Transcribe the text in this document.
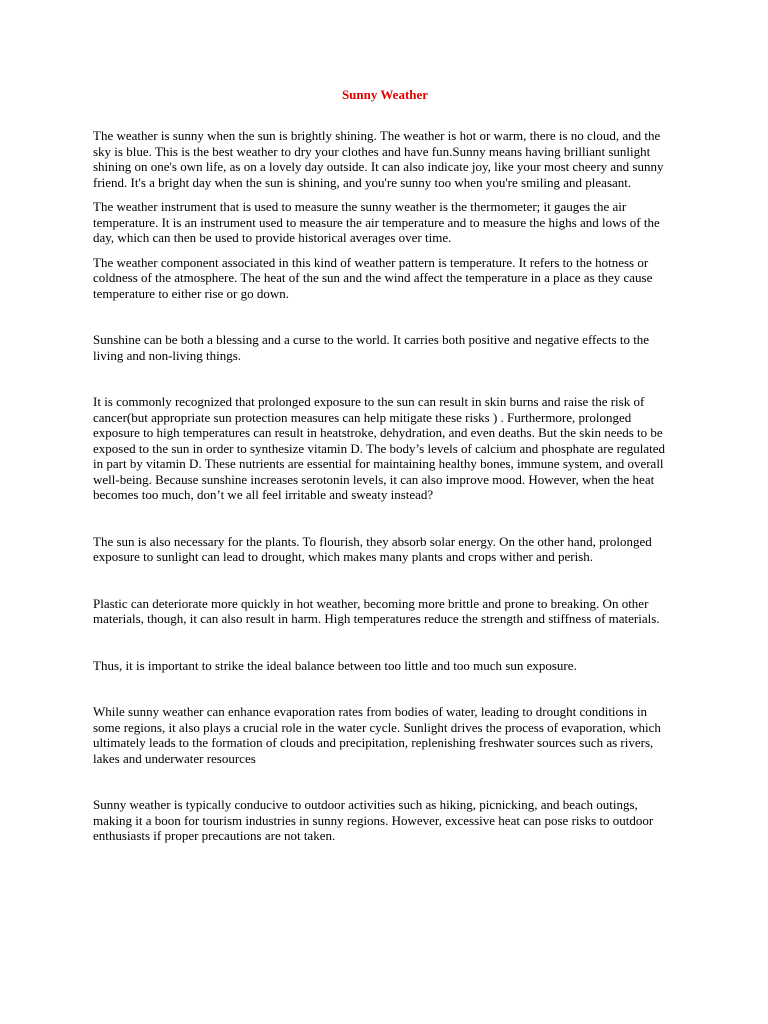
Sunny Weather

The weather is sunny when the sun is brightly shining. The weather is hot or warm, there is no cloud, and the sky is blue. This is the best weather to dry your clothes and have fun.Sunny means having brilliant sunlight shining on one's own life, as on a lovely day outside. It can also indicate joy, like your most cheery and sunny friend. It's a bright day when the sun is shining, and you're sunny too when you're smiling and pleasant.

The weather instrument that is used to measure the sunny weather is the thermometer; it gauges the air temperature. It is an instrument used to measure the air temperature and to measure the highs and lows of the day, which can then be used to provide historical averages over time.

The weather component associated in this kind of weather pattern is temperature. It refers to the hotness or coldness of the atmosphere. The heat of the sun and the wind affect the temperature in a place as they cause temperature to either rise or go down.

Sunshine can be both a blessing and a curse to the world. It carries both positive and negative effects to the living and non-living things.

It is commonly recognized that prolonged exposure to the sun can result in skin burns and raise the risk of cancer(but appropriate sun protection measures can help mitigate these risks ) . Furthermore, prolonged exposure to high temperatures can result in heatstroke, dehydration, and even deaths. But the skin needs to be exposed to the sun in order to synthesize vitamin D. The body’s levels of calcium and phosphate are regulated in part by vitamin D. These nutrients are essential for maintaining healthy bones, immune system, and overall well-being. Because sunshine increases serotonin levels, it can also improve mood. However, when the heat becomes too much, don’t we all feel irritable and sweaty instead?

The sun is also necessary for the plants. To flourish, they absorb solar energy. On the other hand, prolonged exposure to sunlight can lead to drought, which makes many plants and crops wither and perish.

Plastic can deteriorate more quickly in hot weather, becoming more brittle and prone to breaking. On other materials, though, it can also result in harm. High temperatures reduce the strength and stiffness of materials.

Thus, it is important to strike the ideal balance between too little and too much sun exposure.

While sunny weather can enhance evaporation rates from bodies of water, leading to drought conditions in some regions, it also plays a crucial role in the water cycle. Sunlight drives the process of evaporation, which ultimately leads to the formation of clouds and precipitation, replenishing freshwater sources such as rivers, lakes and underwater resources

Sunny weather is typically conducive to outdoor activities such as hiking, picnicking, and beach outings, making it a boon for tourism industries in sunny regions. However, excessive heat can pose risks to outdoor enthusiasts if proper precautions are not taken.
